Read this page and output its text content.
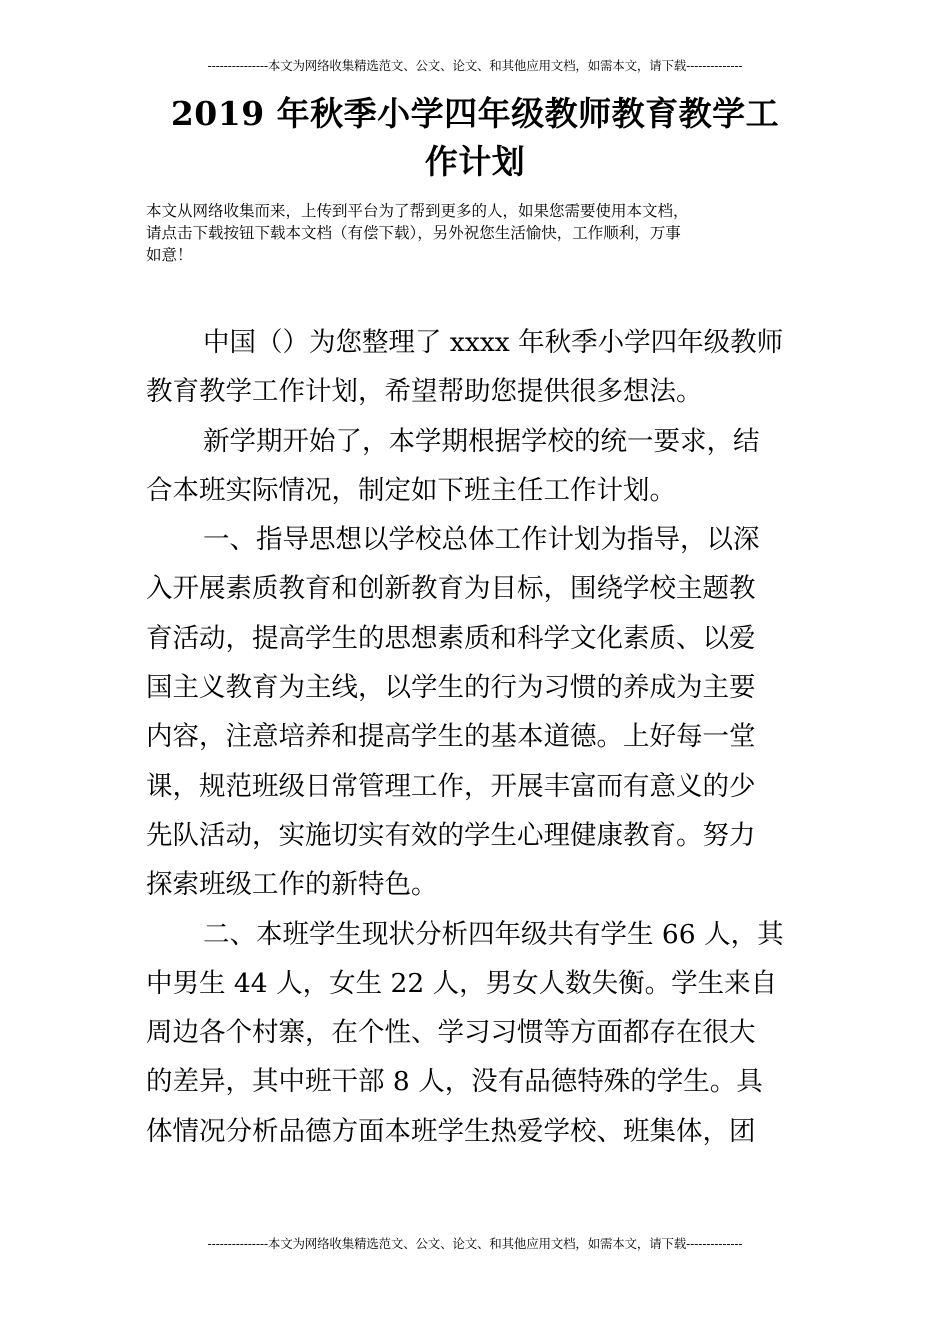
---------------本文为网络收集精选范文、公文、论文、和其他应用文档，如需本文，请下载--------------
2019 年秋季小学四年级教师教育教学工
作计划
本文从网络收集而来，上传到平台为了帮到更多的人，如果您需要使用本文档，
请点击下载按钮下载本文档（有偿下载），另外祝您生活愉快，工作顺利，万事
如意！
中国（）为您整理了 xxxx 年秋季小学四年级教师
教育教学工作计划，希望帮助您提供很多想法。
新学期开始了，本学期根据学校的统一要求，结
合本班实际情况，制定如下班主任工作计划。
一、指导思想以学校总体工作计划为指导，以深
入开展素质教育和创新教育为目标，围绕学校主题教
育活动，提高学生的思想素质和科学文化素质、以爱
国主义教育为主线，以学生的行为习惯的养成为主要
内容，注意培养和提高学生的基本道德。上好每一堂
课，规范班级日常管理工作，开展丰富而有意义的少
先队活动，实施切实有效的学生心理健康教育。努力
探索班级工作的新特色。
二、本班学生现状分析四年级共有学生 66 人，其
中男生 44 人，女生 22 人，男女人数失衡。学生来自
周边各个村寨，在个性、学习习惯等方面都存在很大
的差异，其中班干部 8 人，没有品德特殊的学生。具
体情况分析品德方面本班学生热爱学校、班集体，团
---------------本文为网络收集精选范文、公文、论文、和其他应用文档，如需本文，请下载--------------
